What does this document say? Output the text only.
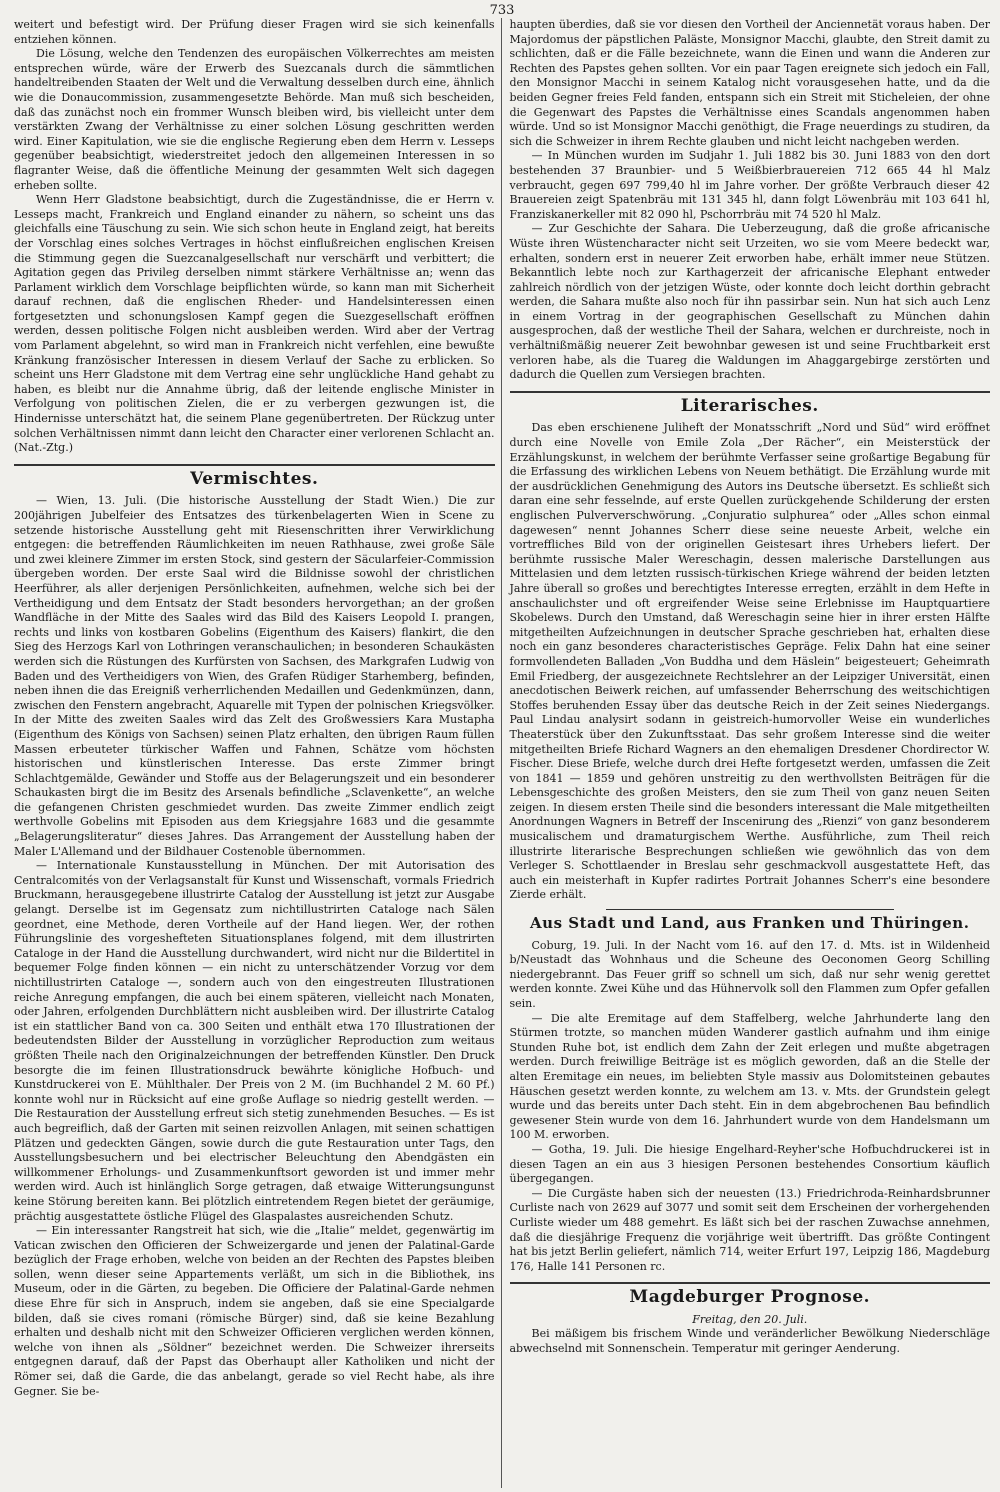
733

weitert und befestigt wird. Der Prüfung dieser Fragen wird sie sich keinenfalls entziehen können.

Die Lösung, welche den Tendenzen des europäischen Völkerrechtes am meisten entsprechen würde, wäre der Erwerb des Suezcanals durch die sämmtlichen handeltreibenden Staaten der Welt und die Verwaltung desselben durch eine, ähnlich wie die Donaucommission, zusammengesetzte Behörde. Man muß sich bescheiden, daß das zunächst noch ein frommer Wunsch bleiben wird, bis vielleicht unter dem verstärkten Zwang der Verhältnisse zu einer solchen Lösung geschritten werden wird. Einer Kapitulation, wie sie die englische Regierung eben dem Herrn v. Lesseps gegenüber beabsichtigt, wiederstreitet jedoch den allgemeinen Interessen in so flagranter Weise, daß die öffentliche Meinung der gesammten Welt sich dagegen erheben sollte.

Wenn Herr Gladstone beabsichtigt, durch die Zugeständnisse, die er Herrn v. Lesseps macht, Frankreich und England einander zu nähern, so scheint uns das gleichfalls eine Täuschung zu sein. Wie sich schon heute in England zeigt, hat bereits der Vorschlag eines solches Vertrages in höchst einflußreichen englischen Kreisen die Stimmung gegen die Suezcanalgesellschaft nur verschärft und verbittert; die Agitation gegen das Privileg derselben nimmt stärkere Verhältnisse an; wenn das Parlament wirklich dem Vorschlage beipflichten würde, so kann man mit Sicherheit darauf rechnen, daß die englischen Rheder- und Handelsinteressen einen fortgesetzten und schonungslosen Kampf gegen die Suezgesellschaft eröffnen werden, dessen politische Folgen nicht ausbleiben werden. Wird aber der Vertrag vom Parlament abgelehnt, so wird man in Frankreich nicht verfehlen, eine bewußte Kränkung französischer Interessen in diesem Verlauf der Sache zu erblicken. So scheint uns Herr Gladstone mit dem Vertrag eine sehr unglückliche Hand gehabt zu haben, es bleibt nur die Annahme übrig, daß der leitende englische Minister in Verfolgung von politischen Zielen, die er zu verbergen gezwungen ist, die Hindernisse unterschätzt hat, die seinem Plane gegenübertreten. Der Rückzug unter solchen Verhältnissen nimmt dann leicht den Character einer verlorenen Schlacht an. (Nat.-Ztg.)

Vermischtes.

— Wien, 13. Juli. (Die historische Ausstellung der Stadt Wien.) Die zur 200jährigen Jubelfeier des Entsatzes des türkenbelagerten Wien in Scene zu setzende historische Ausstellung geht mit Riesenschritten ihrer Verwirklichung entgegen: die betreffenden Räumlichkeiten im neuen Rathhause, zwei große Säle und zwei kleinere Zimmer im ersten Stock, sind gestern der Säcularfeier-Commission übergeben worden. Der erste Saal wird die Bildnisse sowohl der christlichen Heerführer, als aller derjenigen Persönlichkeiten, aufnehmen, welche sich bei der Vertheidigung und dem Entsatz der Stadt besonders hervorgethan; an der großen Wandfläche in der Mitte des Saales wird das Bild des Kaisers Leopold I. prangen, rechts und links von kostbaren Gobelins (Eigenthum des Kaisers) flankirt, die den Sieg des Herzogs Karl von Lothringen veranschaulichen; in besonderen Schaukästen werden sich die Rüstungen des Kurfürsten von Sachsen, des Markgrafen Ludwig von Baden und des Vertheidigers von Wien, des Grafen Rüdiger Starhemberg, befinden, neben ihnen die das Ereigniß verherrlichenden Medaillen und Gedenkmünzen, dann, zwischen den Fenstern angebracht, Aquarelle mit Typen der polnischen Kriegsvölker. In der Mitte des zweiten Saales wird das Zelt des Großwessiers Kara Mustapha (Eigenthum des Königs von Sachsen) seinen Platz erhalten, den übrigen Raum füllen Massen erbeuteter türkischer Waffen und Fahnen, Schätze vom höchsten historischen und künstlerischen Interesse. Das erste Zimmer bringt Schlachtgemälde, Gewänder und Stoffe aus der Belagerungszeit und ein besonderer Schaukasten birgt die im Besitz des Arsenals befindliche „Sclavenkette“, an welche die gefangenen Christen geschmiedet wurden. Das zweite Zimmer endlich zeigt werthvolle Gobelins mit Episoden aus dem Kriegsjahre 1683 und die gesammte „Belagerungsliteratur“ dieses Jahres. Das Arrangement der Ausstellung haben der Maler L'Allemand und der Bildhauer Costenoble übernommen.

— Internationale Kunstausstellung in München. Der mit Autorisation des Centralcomités von der Verlagsanstalt für Kunst und Wissenschaft, vormals Friedrich Bruckmann, herausgegebene illustrirte Catalog der Ausstellung ist jetzt zur Ausgabe gelangt. Derselbe ist im Gegensatz zum nichtillustrirten Cataloge nach Sälen geordnet, eine Methode, deren Vortheile auf der Hand liegen. Wer, der rothen Führungslinie des vorgeshefteten Situationsplanes folgend, mit dem illustrirten Cataloge in der Hand die Ausstellung durchwandert, wird nicht nur die Bildertitel in bequemer Folge finden können — ein nicht zu unterschätzender Vorzug vor dem nichtillustrirten Cataloge —, sondern auch von den eingestreuten Illustrationen reiche Anregung empfangen, die auch bei einem späteren, vielleicht nach Monaten, oder Jahren, erfolgenden Durchblättern nicht ausbleiben wird. Der illustrirte Catalog ist ein stattlicher Band von ca. 300 Seiten und enthält etwa 170 Illustrationen der bedeutendsten Bilder der Ausstellung in vorzüglicher Reproduction zum weitaus größten Theile nach den Originalzeichnungen der betreffenden Künstler. Den Druck besorgte die im feinen Illustrationsdruck bewährte königliche Hofbuch- und Kunstdruckerei von E. Mühlthaler. Der Preis von 2 M. (im Buchhandel 2 M. 60 Pf.) konnte wohl nur in Rücksicht auf eine große Auflage so niedrig gestellt werden. — Die Restauration der Ausstellung erfreut sich stetig zunehmenden Besuches. — Es ist auch begreiflich, daß der Garten mit seinen reizvollen Anlagen, mit seinen schattigen Plätzen und gedeckten Gängen, sowie durch die gute Restauration unter Tags, den Ausstellungsbesuchern und bei electrischer Beleuchtung den Abendgästen ein willkommener Erholungs- und Zusammenkunftsort geworden ist und immer mehr werden wird. Auch ist hinlänglich Sorge getragen, daß etwaige Witterungsungunst keine Störung bereiten kann. Bei plötzlich eintretendem Regen bietet der geräumige, prächtig ausgestattete östliche Flügel des Glaspalastes ausreichenden Schutz.

— Ein interessanter Rangstreit hat sich, wie die „Italie“ meldet, gegenwärtig im Vatican zwischen den Officieren der Schweizergarde und jenen der Palatinal-Garde bezüglich der Frage erhoben, welche von beiden an der Rechten des Papstes bleiben sollen, wenn dieser seine Appartements verläßt, um sich in die Bibliothek, ins Museum, oder in die Gärten, zu begeben. Die Officiere der Palatinal-Garde nehmen diese Ehre für sich in Anspruch, indem sie angeben, daß sie eine Specialgarde bilden, daß sie cives romani (römische Bürger) sind, daß sie keine Bezahlung erhalten und deshalb nicht mit den Schweizer Officieren verglichen werden können, welche von ihnen als „Söldner“ bezeichnet werden. Die Schweizer ihrerseits entgegnen darauf, daß der Papst das Oberhaupt aller Katholiken und nicht der Römer sei, daß die Garde, die das anbelangt, gerade so viel Recht habe, als ihre Gegner. Sie be-

haupten überdies, daß sie vor diesen den Vortheil der Anciennetät voraus haben. Der Majordomus der päpstlichen Paläste, Monsignor Macchi, glaubte, den Streit damit zu schlichten, daß er die Fälle bezeichnete, wann die Einen und wann die Anderen zur Rechten des Papstes gehen sollten. Vor ein paar Tagen ereignete sich jedoch ein Fall, den Monsignor Macchi in seinem Katalog nicht vorausgesehen hatte, und da die beiden Gegner freies Feld fanden, entspann sich ein Streit mit Sticheleien, der ohne die Gegenwart des Papstes die Verhältnisse eines Scandals angenommen haben würde. Und so ist Monsignor Macchi genöthigt, die Frage neuerdings zu studiren, da sich die Schweizer in ihrem Rechte glauben und nicht leicht nachgeben werden.

— In München wurden im Sudjahr 1. Juli 1882 bis 30. Juni 1883 von den dort bestehenden 37 Braunbier- und 5 Weißbierbrauereien 712 665 44 hl Malz verbraucht, gegen 697 799,40 hl im Jahre vorher. Der größte Verbrauch dieser 42 Brauereien zeigt Spatenbräu mit 131 345 hl, dann folgt Löwenbräu mit 103 641 hl, Franziskanerkeller mit 82 090 hl, Pschorrbräu mit 74 520 hl Malz.

— Zur Geschichte der Sahara. Die Ueberzeugung, daß die große africanische Wüste ihren Wüstencharacter nicht seit Urzeiten, wo sie vom Meere bedeckt war, erhalten, sondern erst in neuerer Zeit erworben habe, erhält immer neue Stützen. Bekanntlich lebte noch zur Karthagerzeit der africanische Elephant entweder zahlreich nördlich von der jetzigen Wüste, oder konnte doch leicht dorthin gebracht werden, die Sahara mußte also noch für ihn passirbar sein. Nun hat sich auch Lenz in einem Vortrag in der geographischen Gesellschaft zu München dahin ausgesprochen, daß der westliche Theil der Sahara, welchen er durchreiste, noch in verhältnißmäßig neuerer Zeit bewohnbar gewesen ist und seine Fruchtbarkeit erst verloren habe, als die Tuareg die Waldungen im Ahaggargebirge zerstörten und dadurch die Quellen zum Versiegen brachten.

Literarisches.

Das eben erschienene Juliheft der Monatsschrift „Nord und Süd“ wird eröffnet durch eine Novelle von Emile Zola „Der Rächer“, ein Meisterstück der Erzählungskunst, in welchem der berühmte Verfasser seine großartige Begabung für die Erfassung des wirklichen Lebens von Neuem bethätigt. Die Erzählung wurde mit der ausdrücklichen Genehmigung des Autors ins Deutsche übersetzt. Es schließt sich daran eine sehr fesselnde, auf erste Quellen zurückgehende Schilderung der ersten englischen Pulververschwörung. „Conjuratio sulphurea“ oder „Alles schon einmal dagewesen“ nennt Johannes Scherr diese seine neueste Arbeit, welche ein vortreffliches Bild von der originellen Geistesart ihres Urhebers liefert. Der berühmte russische Maler Wereschagin, dessen malerische Darstellungen aus Mittelasien und dem letzten russisch-türkischen Kriege während der beiden letzten Jahre überall so großes und berechtigtes Interesse erregten, erzählt in dem Hefte in anschaulichster und oft ergreifender Weise seine Erlebnisse im Hauptquartiere Skobelews. Durch den Umstand, daß Wereschagin seine hier in ihrer ersten Hälfte mitgetheilten Aufzeichnungen in deutscher Sprache geschrieben hat, erhalten diese noch ein ganz besonderes characteristisches Gepräge. Felix Dahn hat eine seiner formvollendeten Balladen „Von Buddha und dem Häslein“ beigesteuert; Geheimrath Emil Friedberg, der ausgezeichnete Rechtslehrer an der Leipziger Universität, einen anecdotischen Beiwerk reichen, auf umfassender Beherrschung des weitschichtigen Stoffes beruhenden Essay über das deutsche Reich in der Zeit seines Niedergangs. Paul Lindau analysirt sodann in geistreich-humorvoller Weise ein wunderliches Theaterstück über den Zukunftsstaat. Das sehr großem Interesse sind die weiter mitgetheilten Briefe Richard Wagners an den ehemaligen Dresdener Chordirector W. Fischer. Diese Briefe, welche durch drei Hefte fortgesetzt werden, umfassen die Zeit von 1841 — 1859 und gehören unstreitig zu den werthvollsten Beiträgen für die Lebensgeschichte des großen Meisters, den sie zum Theil von ganz neuen Seiten zeigen. In diesem ersten Theile sind die besonders interessant die Male mitgetheilten Anordnungen Wagners in Betreff der Inscenirung des „Rienzi“ von ganz besonderem musicalischem und dramaturgischem Werthe. Ausführliche, zum Theil reich illustrirte literarische Besprechungen schließen wie gewöhnlich das von dem Verleger S. Schottlaender in Breslau sehr geschmackvoll ausgestattete Heft, das auch ein meisterhaft in Kupfer radirtes Portrait Johannes Scherr's eine besondere Zierde erhält.

Aus Stadt und Land, aus Franken und Thüringen.

Coburg, 19. Juli. In der Nacht vom 16. auf den 17. d. Mts. ist in Wildenheid b/Neustadt das Wohnhaus und die Scheune des Oeconomen Georg Schilling niedergebrannt. Das Feuer griff so schnell um sich, daß nur sehr wenig gerettet werden konnte. Zwei Kühe und das Hühnervolk soll den Flammen zum Opfer gefallen sein.

— Die alte Eremitage auf dem Staffelberg, welche Jahrhunderte lang den Stürmen trotzte, so manchen müden Wanderer gastlich aufnahm und ihm einige Stunden Ruhe bot, ist endlich dem Zahn der Zeit erlegen und mußte abgetragen werden. Durch freiwillige Beiträge ist es möglich geworden, daß an die Stelle der alten Eremitage ein neues, im beliebten Style massiv aus Dolomitsteinen gebautes Häuschen gesetzt werden konnte, zu welchem am 13. v. Mts. der Grundstein gelegt wurde und das bereits unter Dach steht. Ein in dem abgebrochenen Bau befindlich gewesener Stein wurde von dem 16. Jahrhundert wurde von dem Handelsmann um 100 M. erworben.

— Gotha, 19. Juli. Die hiesige Engelhard-Reyher'sche Hofbuchdruckerei ist in diesen Tagen an ein aus 3 hiesigen Personen bestehendes Consortium käuflich übergegangen.

— Die Curgäste haben sich der neuesten (13.) Friedrichroda-Reinhardsbrunner Curliste nach von 2629 auf 3077 und somit seit dem Erscheinen der vorhergehenden Curliste wieder um 488 gemehrt. Es läßt sich bei der raschen Zuwachse annehmen, daß die diesjährige Frequenz die vorjährige weit übertrifft. Das größte Contingent hat bis jetzt Berlin geliefert, nämlich 714, weiter Erfurt 197, Leipzig 186, Magdeburg 176, Halle 141 Personen rc.

Magdeburger Prognose.
Freitag, den 20. Juli.

Bei mäßigem bis frischem Winde und veränderlicher Bewölkung Niederschläge abwechselnd mit Sonnenschein. Temperatur mit geringer Aenderung.
